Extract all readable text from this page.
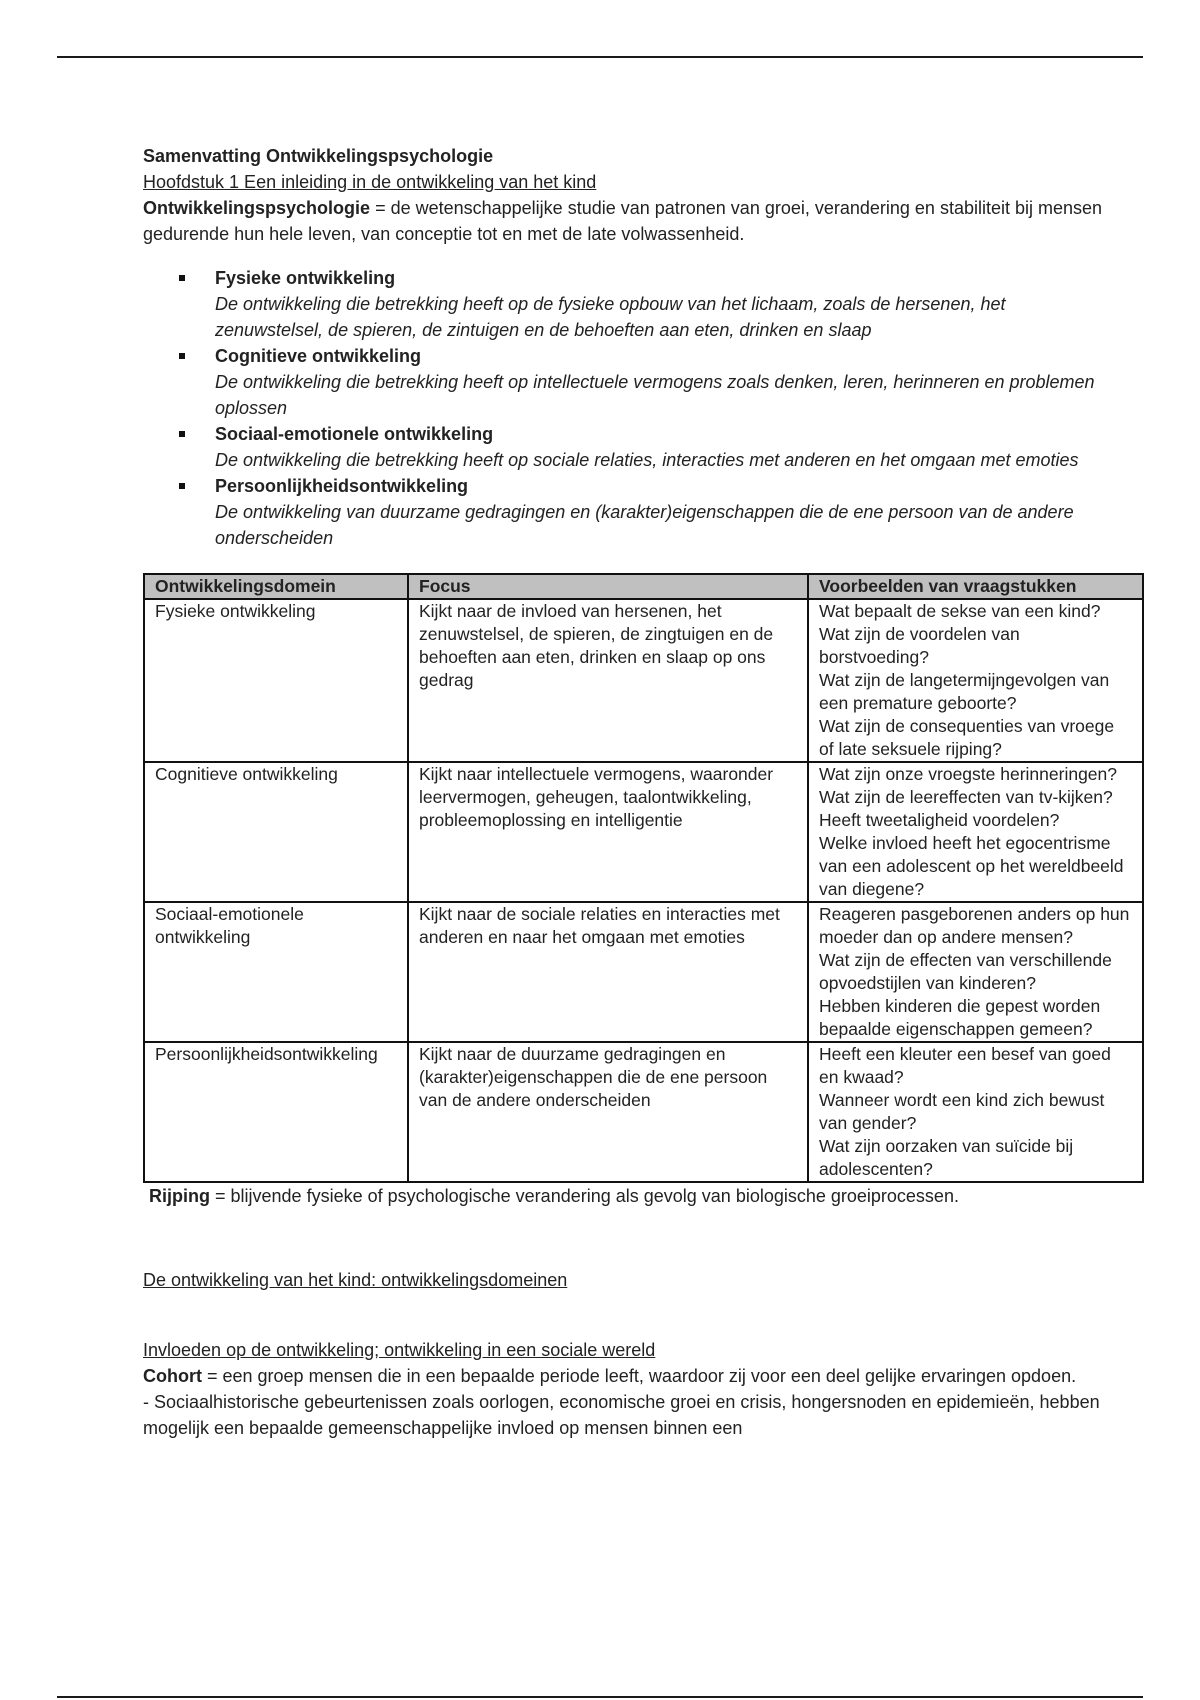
Samenvatting Ontwikkelingspsychologie
Hoofdstuk 1 Een inleiding in de ontwikkeling van het kind
Ontwikkelingspsychologie = de wetenschappelijke studie van patronen van groei, verandering en stabiliteit bij mensen gedurende hun hele leven, van conceptie tot en met de late volwassenheid.
Fysieke ontwikkeling
De ontwikkeling die betrekking heeft op de fysieke opbouw van het lichaam, zoals de hersenen, het zenuwstelsel, de spieren, de zintuigen en de behoeften aan eten, drinken en slaap
Cognitieve ontwikkeling
De ontwikkeling die betrekking heeft op intellectuele vermogens zoals denken, leren, herinneren en problemen oplossen
Sociaal-emotionele ontwikkeling
De ontwikkeling die betrekking heeft op sociale relaties, interacties met anderen en het omgaan met emoties
Persoonlijkheidsontwikkeling
De ontwikkeling van duurzame gedragingen en (karakter)eigenschappen die de ene persoon van de andere onderscheiden
Ontwikkelingsdomein	Focus	Voorbeelden van vraagstukken
Fysieke ontwikkeling	Kijkt naar de invloed van hersenen, het zenuwstelsel, de spieren, de zingtuigen en de behoeften aan eten, drinken en slaap op ons gedrag	Wat bepaalt de sekse van een kind?
Wat zijn de voordelen van borstvoeding?
Wat zijn de langetermijngevolgen van een premature geboorte?
Wat zijn de consequenties van vroege of late seksuele rijping?

Cognitieve ontwikkeling	Kijkt naar intellectuele vermogens, waaronder leervermogen, geheugen, taalontwikkeling, probleemoplossing en intelligentie	Wat zijn onze vroegste herinneringen?
Wat zijn de leereffecten van tv-kijken?
Heeft tweetaligheid voordelen?
Welke invloed heeft het egocentrisme van een adolescent op het wereldbeeld van diegene?

Sociaal-emotionele ontwikkeling	Kijkt naar de sociale relaties en interacties met anderen en naar het omgaan met emoties	Reageren pasgeborenen anders op hun moeder dan op andere mensen?
Wat zijn de effecten van verschillende opvoedstijlen van kinderen?
Hebben kinderen die gepest worden bepaalde eigenschappen gemeen?

Persoonlijkheidsontwikkeling	Kijkt naar de duurzame gedragingen en (karakter)eigenschappen die de ene persoon van de andere onderscheiden	Heeft een kleuter een besef van goed en kwaad?
Wanneer wordt een kind zich bewust van gender?
Wat zijn oorzaken van suïcide bij adolescenten?
Rijping = blijvende fysieke of psychologische verandering als gevolg van biologische groeiprocessen.
De ontwikkeling van het kind: ontwikkelingsdomeinen
Invloeden op de ontwikkeling; ontwikkeling in een sociale wereld
Cohort = een groep mensen die in een bepaalde periode leeft, waardoor zij voor een deel gelijke ervaringen opdoen.
- Sociaalhistorische gebeurtenissen zoals oorlogen, economische groei en crisis, hongersnoden en epidemieën, hebben mogelijk een bepaalde gemeenschappelijke invloed op mensen binnen een
